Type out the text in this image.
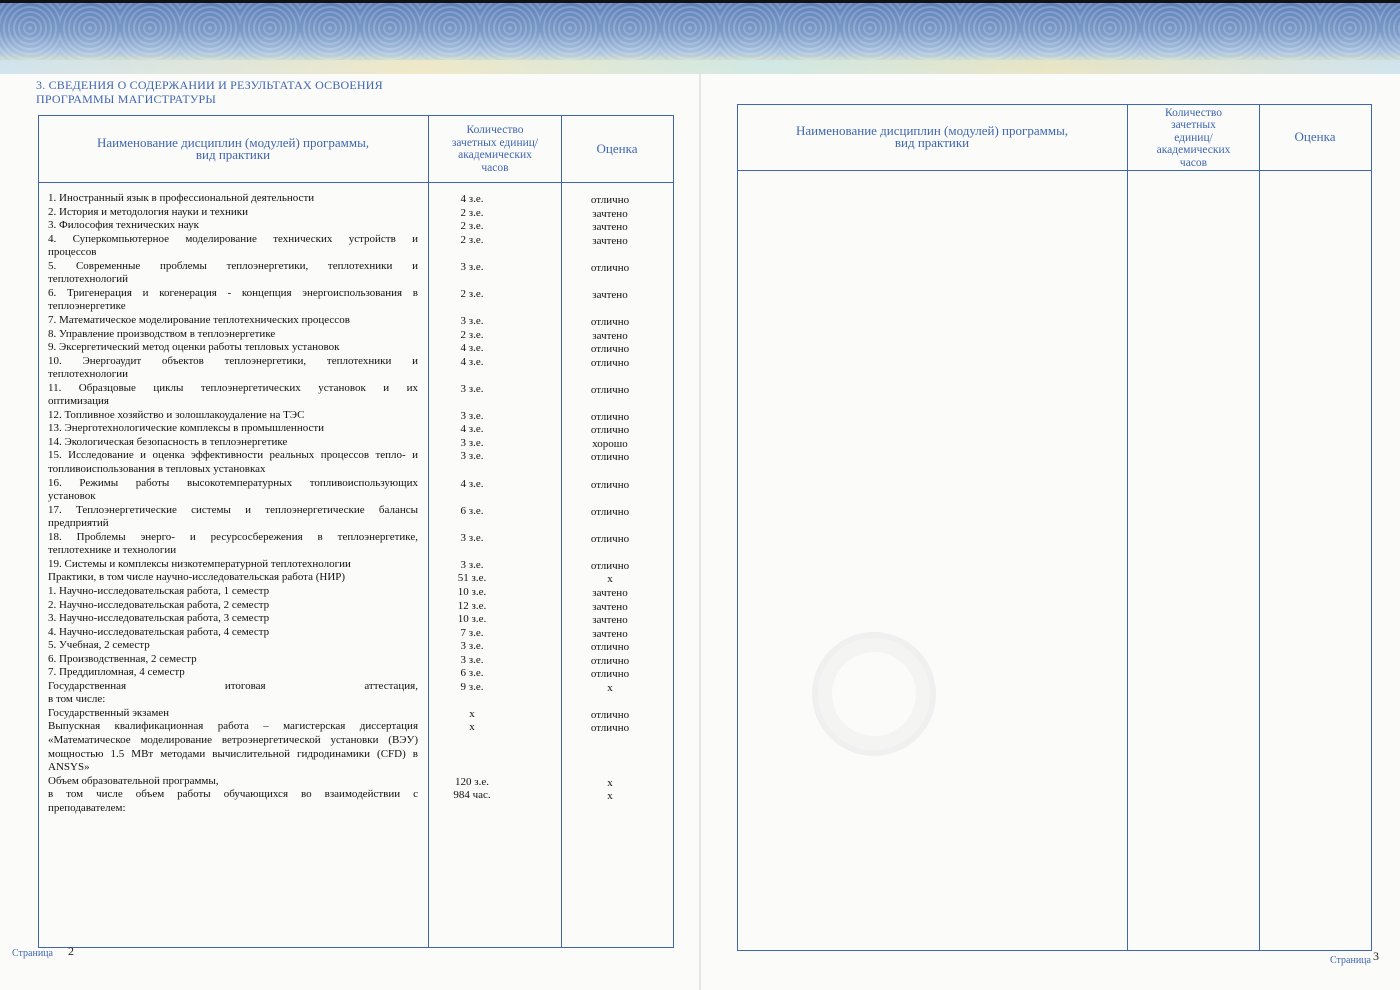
3. СВЕДЕНИЯ О СОДЕРЖАНИИ И РЕЗУЛЬТАТАХ ОСВОЕНИЯ
ПРОГРАММЫ МАГИСТРАТУРЫ
Наименование дисциплин (модулей) программы,
вид практики
Количество
зачетных единиц/
академических
часов
Оценка
1. Иностранный язык в профессиональной деятельности	4 з.е.	отлично
2. История и методология науки и техники	2 з.е.	зачтено
3. Философия технических наук	2 з.е.	зачтено
4. Суперкомпьютерное моделирование технических устройств и
процессов
2 з.е.	зачтено
5. Современные проблемы теплоэнергетики, теплотехники и
теплотехнологий
3 з.е.	отлично
6. Тригенерация и когенерация - концепция энергоиспользования в
теплоэнергетике
2 з.е.	зачтено
7. Математическое моделирование теплотехнических процессов	3 з.е.	отлично
8. Управление производством в теплоэнергетике	2 з.е.	зачтено
9. Эксергетический метод оценки работы тепловых установок	4 з.е.	отлично
10. Энергоаудит объектов теплоэнергетики, теплотехники и
теплотехнологии
4 з.е.	отлично
11. Образцовые циклы теплоэнергетических установок и их
оптимизация
3 з.е.	отлично
12. Топливное хозяйство и золошлакоудаление на ТЭС	3 з.е.	отлично
13. Энерготехнологические комплексы в промышленности	4 з.е.	отлично
14. Экологическая безопасность в теплоэнергетике	3 з.е.	хорошо
15. Исследование и оценка эффективности реальных процессов тепло- и
топливоиспользования в тепловых установках
3 з.е.	отлично
16. Режимы работы высокотемпературных топливоиспользующих
установок
4 з.е.	отлично
17. Теплоэнергетические системы и теплоэнергетические балансы
предприятий
6 з.е.	отлично
18. Проблемы энерго- и ресурсосбережения в теплоэнергетике,
теплотехнике и технологии
3 з.е.	отлично
19. Системы и комплексы низкотемпературной теплотехнологии	3 з.е.	отлично
Практики, в том числе научно-исследовательская работа (НИР)	51 з.е.	х
1. Научно-исследовательская работа, 1 семестр	10 з.е.	зачтено
2. Научно-исследовательская работа, 2 семестр	12 з.е.	зачтено
3. Научно-исследовательская работа, 3 семестр	10 з.е.	зачтено
4. Научно-исследовательская работа, 4 семестр	7 з.е.	зачтено
5. Учебная, 2 семестр	3 з.е.	отлично
6. Производственная, 2 семестр	3 з.е.	отлично
7. Преддипломная, 4 семестр	6 з.е.	отлично
Государственная итоговая аттестация,
в том числе:
9 з.е.	х
Государственный экзамен	х	отлично
Выпускная квалификационная работа – магистерская диссертация
«Математическое моделирование ветроэнергетической установки (ВЭУ)
мощностью 1.5 МВт методами вычислительной гидродинамики (CFD) в
ANSYS»
х	отлично
Объем образовательной программы,	120 з.е.	х
в том числе объем работы обучающихся во взаимодействии с
преподавателем:
984 час.	х
Наименование дисциплин (модулей) программы,
вид практики
Количество
зачетных
единиц/
академических
часов
Оценка
Страница 2
Страница 3
